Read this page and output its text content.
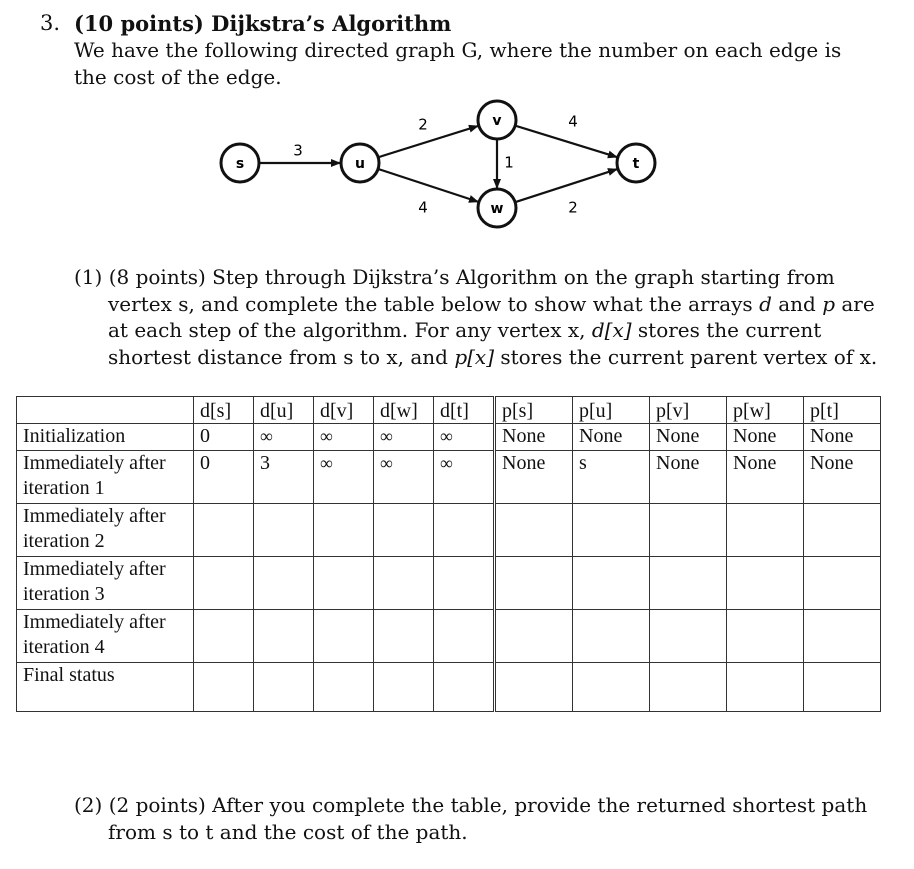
3. (10 points) Dijkstra’s Algorithm
We have the following directed graph G, where the number on each edge is the cost of the edge.
3
2
4
1
4
2
s	u
v
w
t

(1) (8 points) Step through Dijkstra’s Algorithm on the graph starting from vertex s, and complete the table below to show what the arrays d and p are at each step of the algorithm. For any vertex x, d[x] stores the current shortest distance from s to x, and p[x] stores the current parent vertex of x.

	d[s]	d[u]	d[v]	d[w]	d[t]	p[s]	p[u]	p[v]	p[w]	p[t]
Initialization	0	∞	∞	∞	∞	None	None	None	None	None
Immediately after iteration 1	0	3	∞	∞	∞	None	s	None	None	None
Immediately after iteration 2										
Immediately after iteration 3										
Immediately after iteration 4										
Final status										

(2) (2 points) After you complete the table, provide the returned shortest path from s to t and the cost of the path.
